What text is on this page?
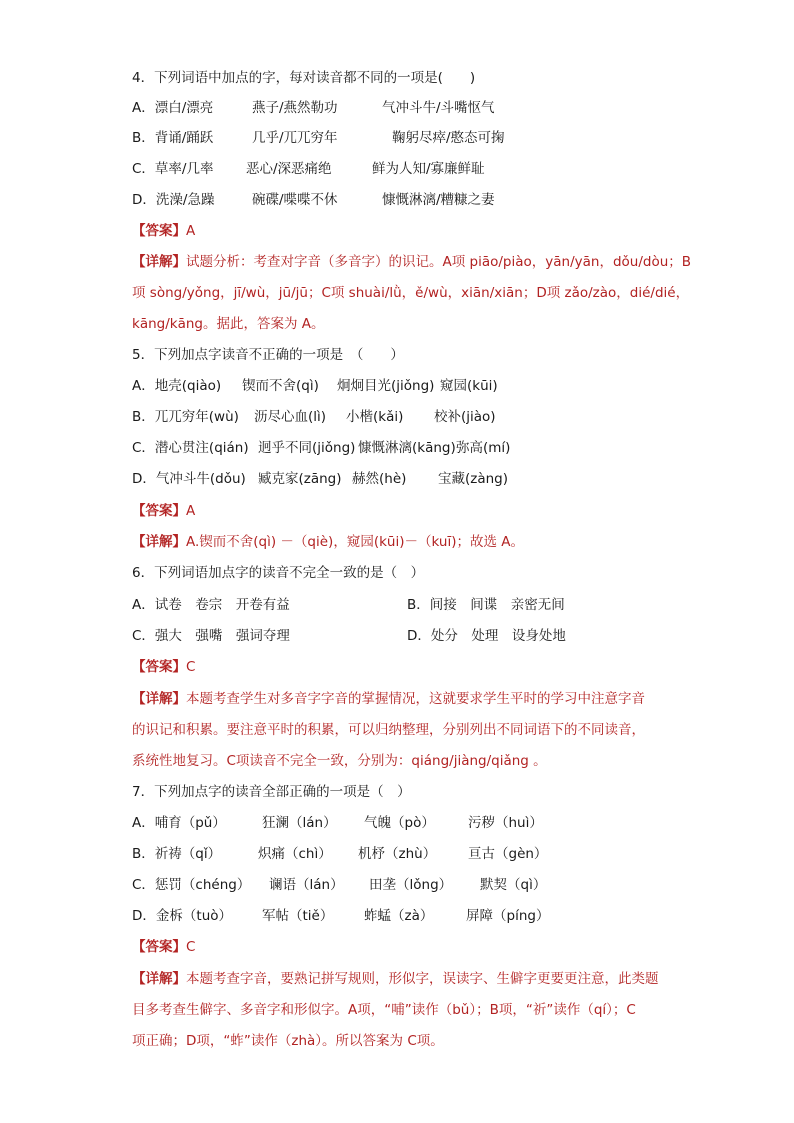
4．下列词语中加点的字，每对读音都不同的一项是(　　)
A．漂白/漂亮	燕子/燕然勒功	气冲斗牛/斗嘴怄气
B．背诵/踊跃	几乎/兀兀穷年	鞠躬尽瘁/憨态可掬
C．草率/几率 恶心/深恶痛绝	鲜为人知/寡廉鲜耻
D．洗澡/急躁	碗碟/喋喋不休	慷慨淋漓/糟糠之妻
【答案】A
【详解】试题分析：考查对字音（多音字）的识记。A项 piāo/piào，yān/yān，dǒu/dòu；B
项 sòng/yǒng，jī/wù，jū/jū；C项 shuài/lǜ，ě/wù，xiān/xiān；D项 zǎo/zào，dié/dié，
kāng/kāng。据此，答案为 A。
5．下列加点字读音不正确的一项是　（　　）
A．地壳(qiào) 锲而不舍(qì) 炯炯目光(jiǒng) 窥园(kūi)
B．兀兀穷年(wù) 沥尽心血(lì) 小楷(kǎi) 校补(jiào)
C．潜心贯注(qián) 迥乎不同(jiǒng) 慷慨淋漓(kāng) 弥高(mí)
D．气冲斗牛(dǒu) 臧克家(zāng) 赫然(hè) 宝藏(zàng)
【答案】A
【详解】A.锲而不舍(qì) －（qiè)，窥园(kūi)－（kuī)；故选 A。
6．下列词语加点字的读音不完全一致的是（　）
A．试卷　卷宗　开卷有益	B．间接　间谍　亲密无间
C．强大　强嘴　强词夺理	D．处分　处理　设身处地
【答案】C
【详解】本题考查学生对多音字字音的掌握情况，这就要求学生平时的学习中注意字音
的识记和积累。要注意平时的积累，可以归纳整理，分别列出不同词语下的不同读音，
系统性地复习。C项读音不完全一致，分别为：qiáng/jiàng/qiǎng 。
7．下列加点字的读音全部正确的一项是（　）
A．哺育（pǔ）	狂澜（lán） 气魄（pò） 污秽（huì）
B．祈祷（qǐ）	炽痛（chì） 机杼（zhù） 亘古（gèn）
C．惩罚（chéng） 谰语（lán） 田垄（lǒng） 默契（qì）
D．金柝（tuò） 军帖（tiě） 蚱蜢（zà） 屏障（píng）
【答案】C
【详解】本题考查字音，要熟记拼写规则，形似字，误读字、生僻字更要更注意，此类题
目多考查生僻字、多音字和形似字。A项，“哺”读作（bǔ）；B项，“祈”读作（qí）；C
项正确；D项，“蚱”读作（zhà）。所以答案为 C项。
